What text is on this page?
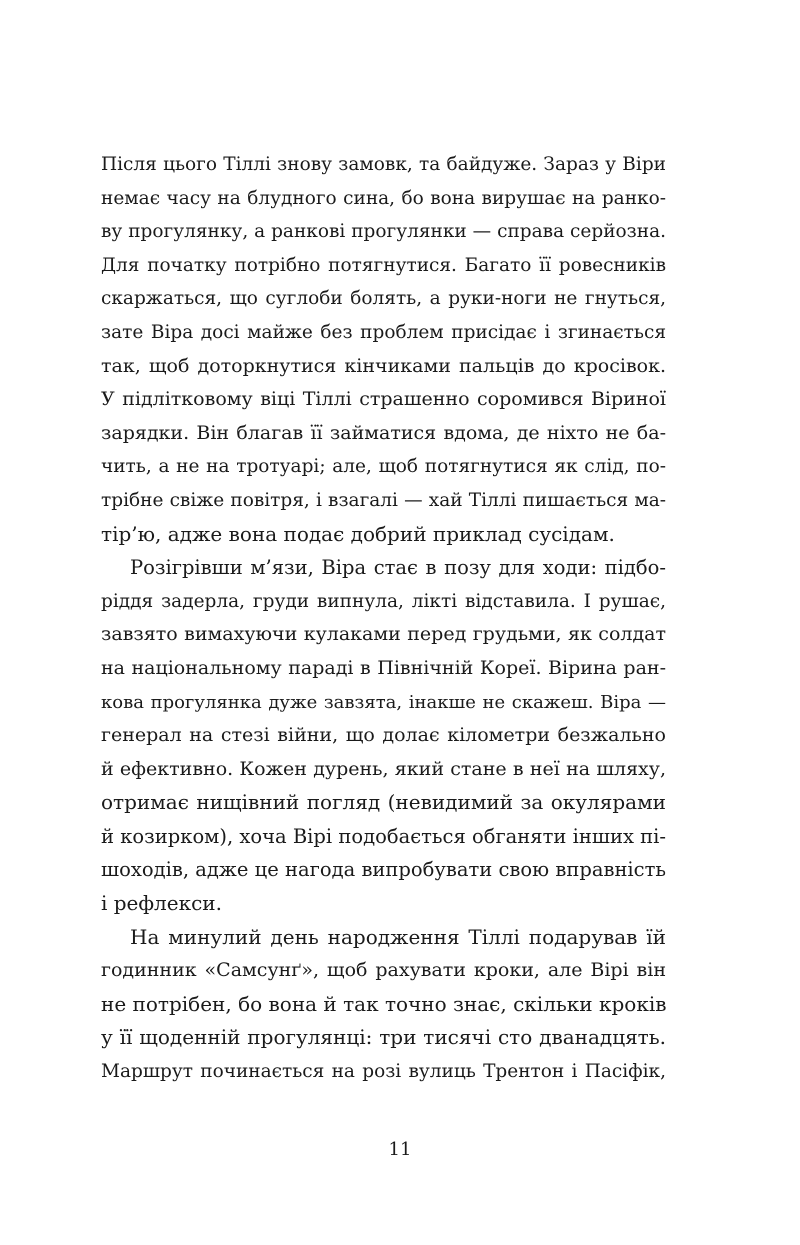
Після цього Тіллі знову замовк, та байдуже. Зараз у Віри
немає часу на блудного сина, бо вона вирушає на ранко-
ву прогулянку, а ранкові прогулянки — справа серйозна.
Для початку потрібно потягнутися. Багато її ровесників
скаржаться, що суглоби болять, а руки-ноги не гнуться,
зате Віра досі майже без проблем присідає і згинається
так, щоб доторкнутися кінчиками пальців до кросівок.
У підлітковому віці Тіллі страшенно соромився Віриної
зарядки. Він благав її займатися вдома, де ніхто не ба-
чить, а не на тротуарі; але, щоб потягнутися як слід, по-
трібне свіже повітря, і взагалі — хай Тіллі пишається ма-
тір’ю, адже вона подає добрий приклад сусідам.
Розігрівши м’язи, Віра стає в позу для ходи: підбо-
ріддя задерла, груди випнула, лікті відставила. І рушає,
завзято вимахуючи кулаками перед грудьми, як солдат
на національному параді в Північній Кореї. Вірина ран-
кова прогулянка дуже завзята, інакше не скажеш. Віра —
генерал на стезі війни, що долає кілометри безжально
й ефективно. Кожен дурень, який стане в неї на шляху,
отримає нищівний погляд (невидимий за окулярами
й козирком), хоча Вірі подобається обганяти інших пі-
шоходів, адже це нагода випробувати свою вправність
і рефлекси.
На минулий день народження Тіллі подарував їй
годинник «Самсунґ», щоб рахувати кроки, але Вірі він
не потрібен, бо вона й так точно знає, скільки кроків
у її щоденній прогулянці: три тисячі сто дванадцять.
Маршрут починається на розі вулиць Трентон і Пасіфік,
11
